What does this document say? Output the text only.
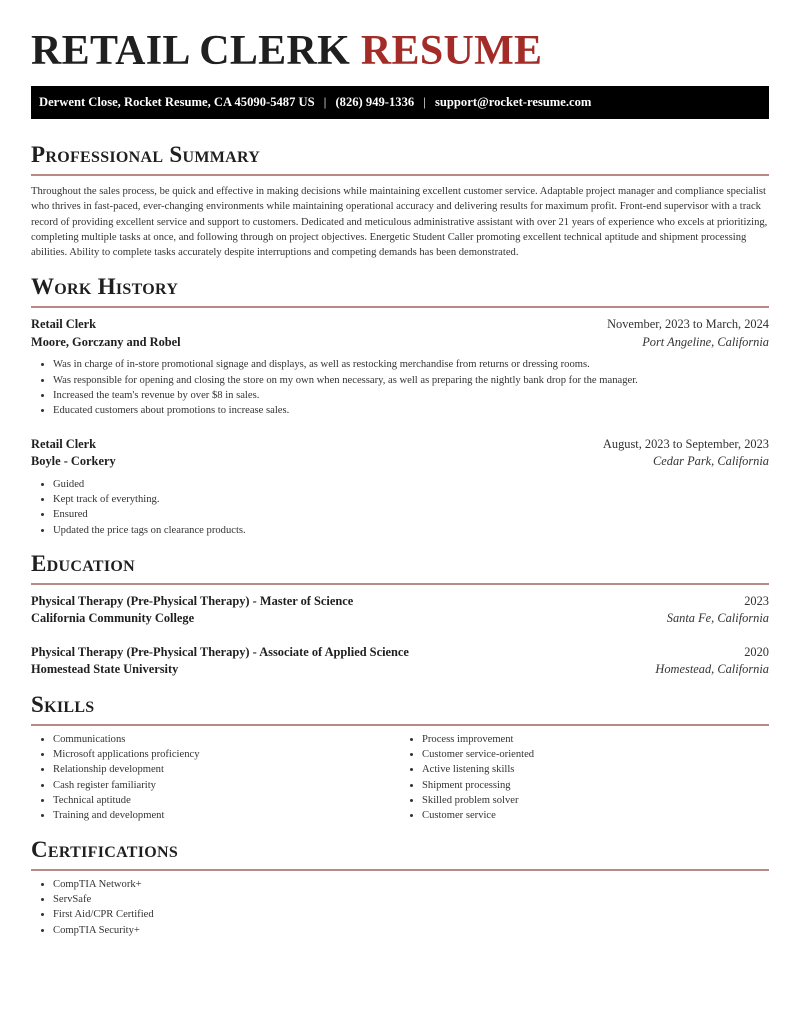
RETAIL CLERK RESUME
Derwent Close, Rocket Resume, CA 45090-5487 US | (826) 949-1336 | support@rocket-resume.com
Professional Summary

Throughout the sales process, be quick and effective in making decisions while maintaining excellent customer service. Adaptable project manager and compliance specialist who thrives in fast-paced, ever-changing environments while maintaining operational accuracy and delivering results for maximum profit. Front-end supervisor with a track record of providing excellent service and support to customers. Dedicated and meticulous administrative assistant with over 21 years of experience who excels at prioritizing, completing multiple tasks at once, and following through on project objectives. Energetic Student Caller promoting excellent technical aptitude and shipment processing abilities. Ability to complete tasks accurately despite interruptions and competing demands has been demonstrated.

Work History
Retail Clerk	November, 2023 to March, 2024
Moore, Gorczany and Robel	Port Angeline, California
• Was in charge of in-store promotional signage and displays, as well as restocking merchandise from returns or dressing rooms.
• Was responsible for opening and closing the store on my own when necessary, as well as preparing the nightly bank drop for the manager.
• Increased the team's revenue by over $8 in sales.
• Educated customers about promotions to increase sales.
Retail Clerk	August, 2023 to September, 2023
Boyle - Corkery	Cedar Park, California
• Guided
• Kept track of everything.
• Ensured
• Updated the price tags on clearance products.
Education
Physical Therapy (Pre-Physical Therapy) - Master of Science	2023
California Community College	Santa Fe, California
Physical Therapy (Pre-Physical Therapy) - Associate of Applied Science	2020
Homestead State University	Homestead, California
Skills
• Communications
• Microsoft applications proficiency
• Relationship development
• Cash register familiarity
• Technical aptitude
• Training and development
• Process improvement
• Customer service-oriented
• Active listening skills
• Shipment processing
• Skilled problem solver
• Customer service
Certifications
• CompTIA Network+
• ServSafe
• First Aid/CPR Certified
• CompTIA Security+
